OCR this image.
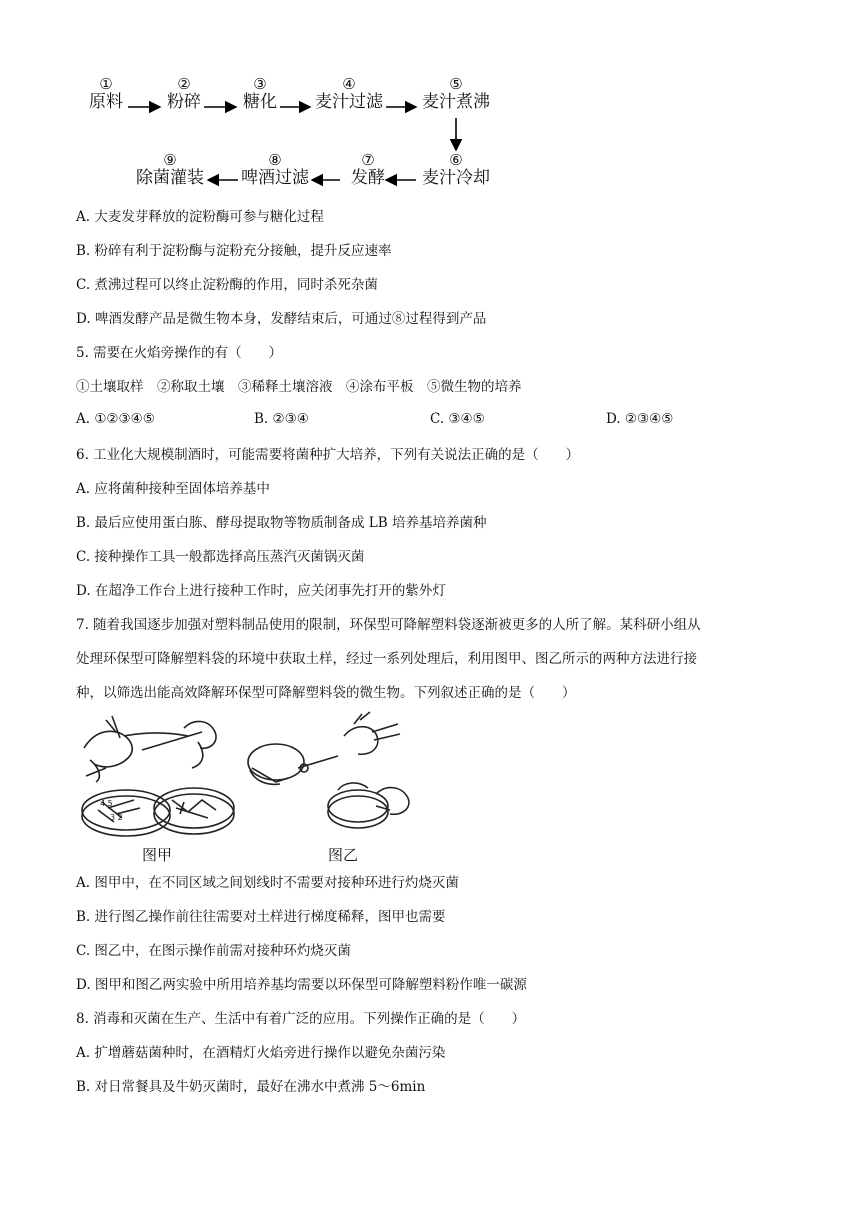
①
原料
②
粉碎
③
糖化
④
麦汁过滤
⑤
麦汁煮沸
⑥
麦汁冷却
⑦
发酵
⑧
啤酒过滤
⑨
除菌灌装
A. 大麦发芽释放的淀粉酶可参与糖化过程
B. 粉碎有利于淀粉酶与淀粉充分接触，提升反应速率
C. 煮沸过程可以终止淀粉酶的作用，同时杀死杂菌
D. 啤酒发酵产品是微生物本身，发酵结束后，可通过⑧过程得到产品
5. 需要在火焰旁操作的有（　　）
①土壤取样　②称取土壤　③稀释土壤溶液　④涂布平板　⑤微生物的培养
A. ①②③④⑤	B. ②③④	C. ③④⑤	D. ②③④⑤
6. 工业化大规模制酒时，可能需要将菌种扩大培养，下列有关说法正确的是（　　）
A. 应将菌种接种至固体培养基中
B. 最后应使用蛋白胨、酵母提取物等物质制备成 LB 培养基培养菌种
C. 接种操作工具一般都选择高压蒸汽灭菌锅灭菌
D. 在超净工作台上进行接种工作时，应关闭事先打开的紫外灯
7. 随着我国逐步加强对塑料制品使用的限制，环保型可降解塑料袋逐渐被更多的人所了解。某科研小组从
处理环保型可降解塑料袋的环境中获取土样，经过一系列处理后，利用图甲、图乙所示的两种方法进行接
种，以筛选出能高效降解环保型可降解塑料袋的微生物。下列叙述正确的是（　　）
4 5
3 2
图甲	图乙
A. 图甲中，在不同区域之间划线时不需要对接种环进行灼烧灭菌
B. 进行图乙操作前往往需要对土样进行梯度稀释，图甲也需要
C. 图乙中，在图示操作前需对接种环灼烧灭菌
D. 图甲和图乙两实验中所用培养基均需要以环保型可降解塑料粉作唯一碳源
8. 消毒和灭菌在生产、生活中有着广泛的应用。下列操作正确的是（　　）
A. 扩增蘑菇菌种时，在酒精灯火焰旁进行操作以避免杂菌污染
B. 对日常餐具及牛奶灭菌时，最好在沸水中煮沸 5～6min
